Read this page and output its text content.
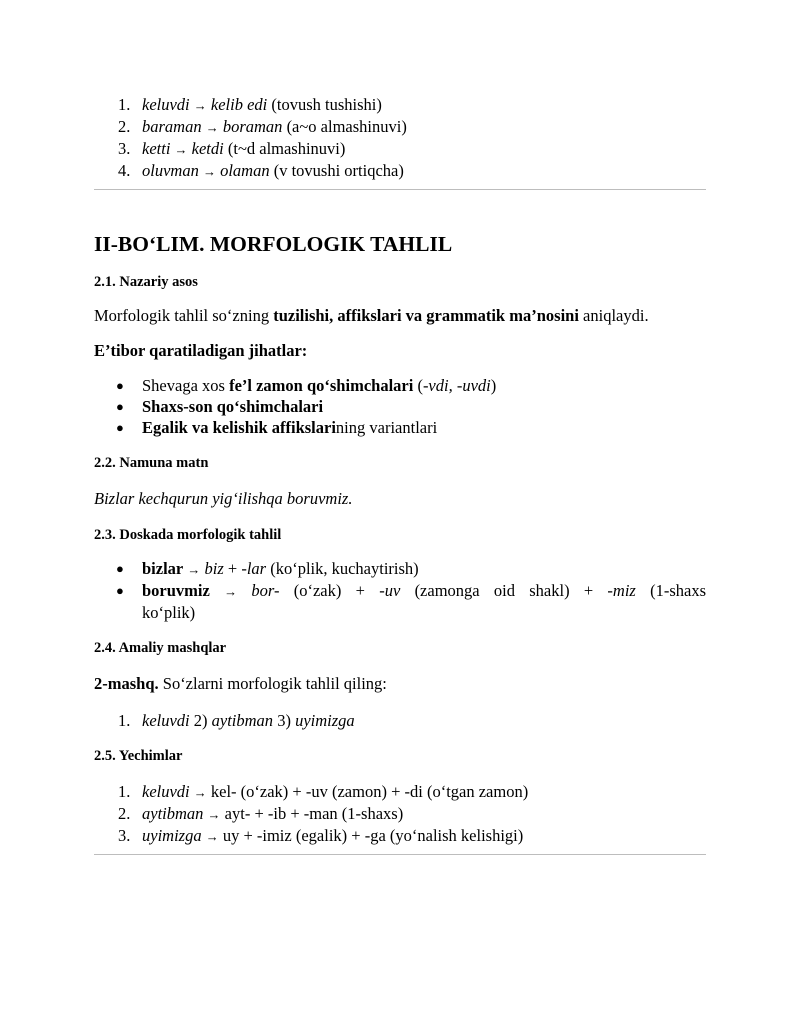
1. keluvdi → kelib edi (tovush tushishi)
2. baraman → boraman (a~o almashinuvi)
3. ketti → ketdi (t~d almashinuvi)
4. oluvman → olaman (v tovushi ortiqcha)
II-BO‘LIM. MORFOLOGIK TAHLIL
2.1. Nazariy asos

Morfologik tahlil so‘zning tuzilishi, affikslari va grammatik ma’nosini aniqlaydi.

E’tibor qaratiladigan jihatlar:
● Shevaga xos fe’l zamon qo‘shimchalari (-vdi, -uvdi)
● Shaxs-son qo‘shimchalari
● Egalik va kelishik affikslarining variantlari
2.2. Namuna matn

Bizlar kechqurun yig‘ilishqa boruvmiz.

2.3. Doskada morfologik tahlil
● bizlar → biz + -lar (ko‘plik, kuchaytirish)
● boruvmiz → bor- (o‘zak) + -uv (zamonga oid shakl) + -miz (1-shaxs
ko‘plik)
2.4. Amaliy mashqlar

2-mashq. So‘zlarni morfologik tahlil qiling:

1. keluvdi 2) aytibman 3) uyimizga
2.5. Yechimlar
1. keluvdi → kel- (o‘zak) + -uv (zamon) + -di (o‘tgan zamon)
2. aytibman → ayt- + -ib + -man (1-shaxs)
3. uyimizga → uy + -imiz (egalik) + -ga (yo‘nalish kelishigi)
